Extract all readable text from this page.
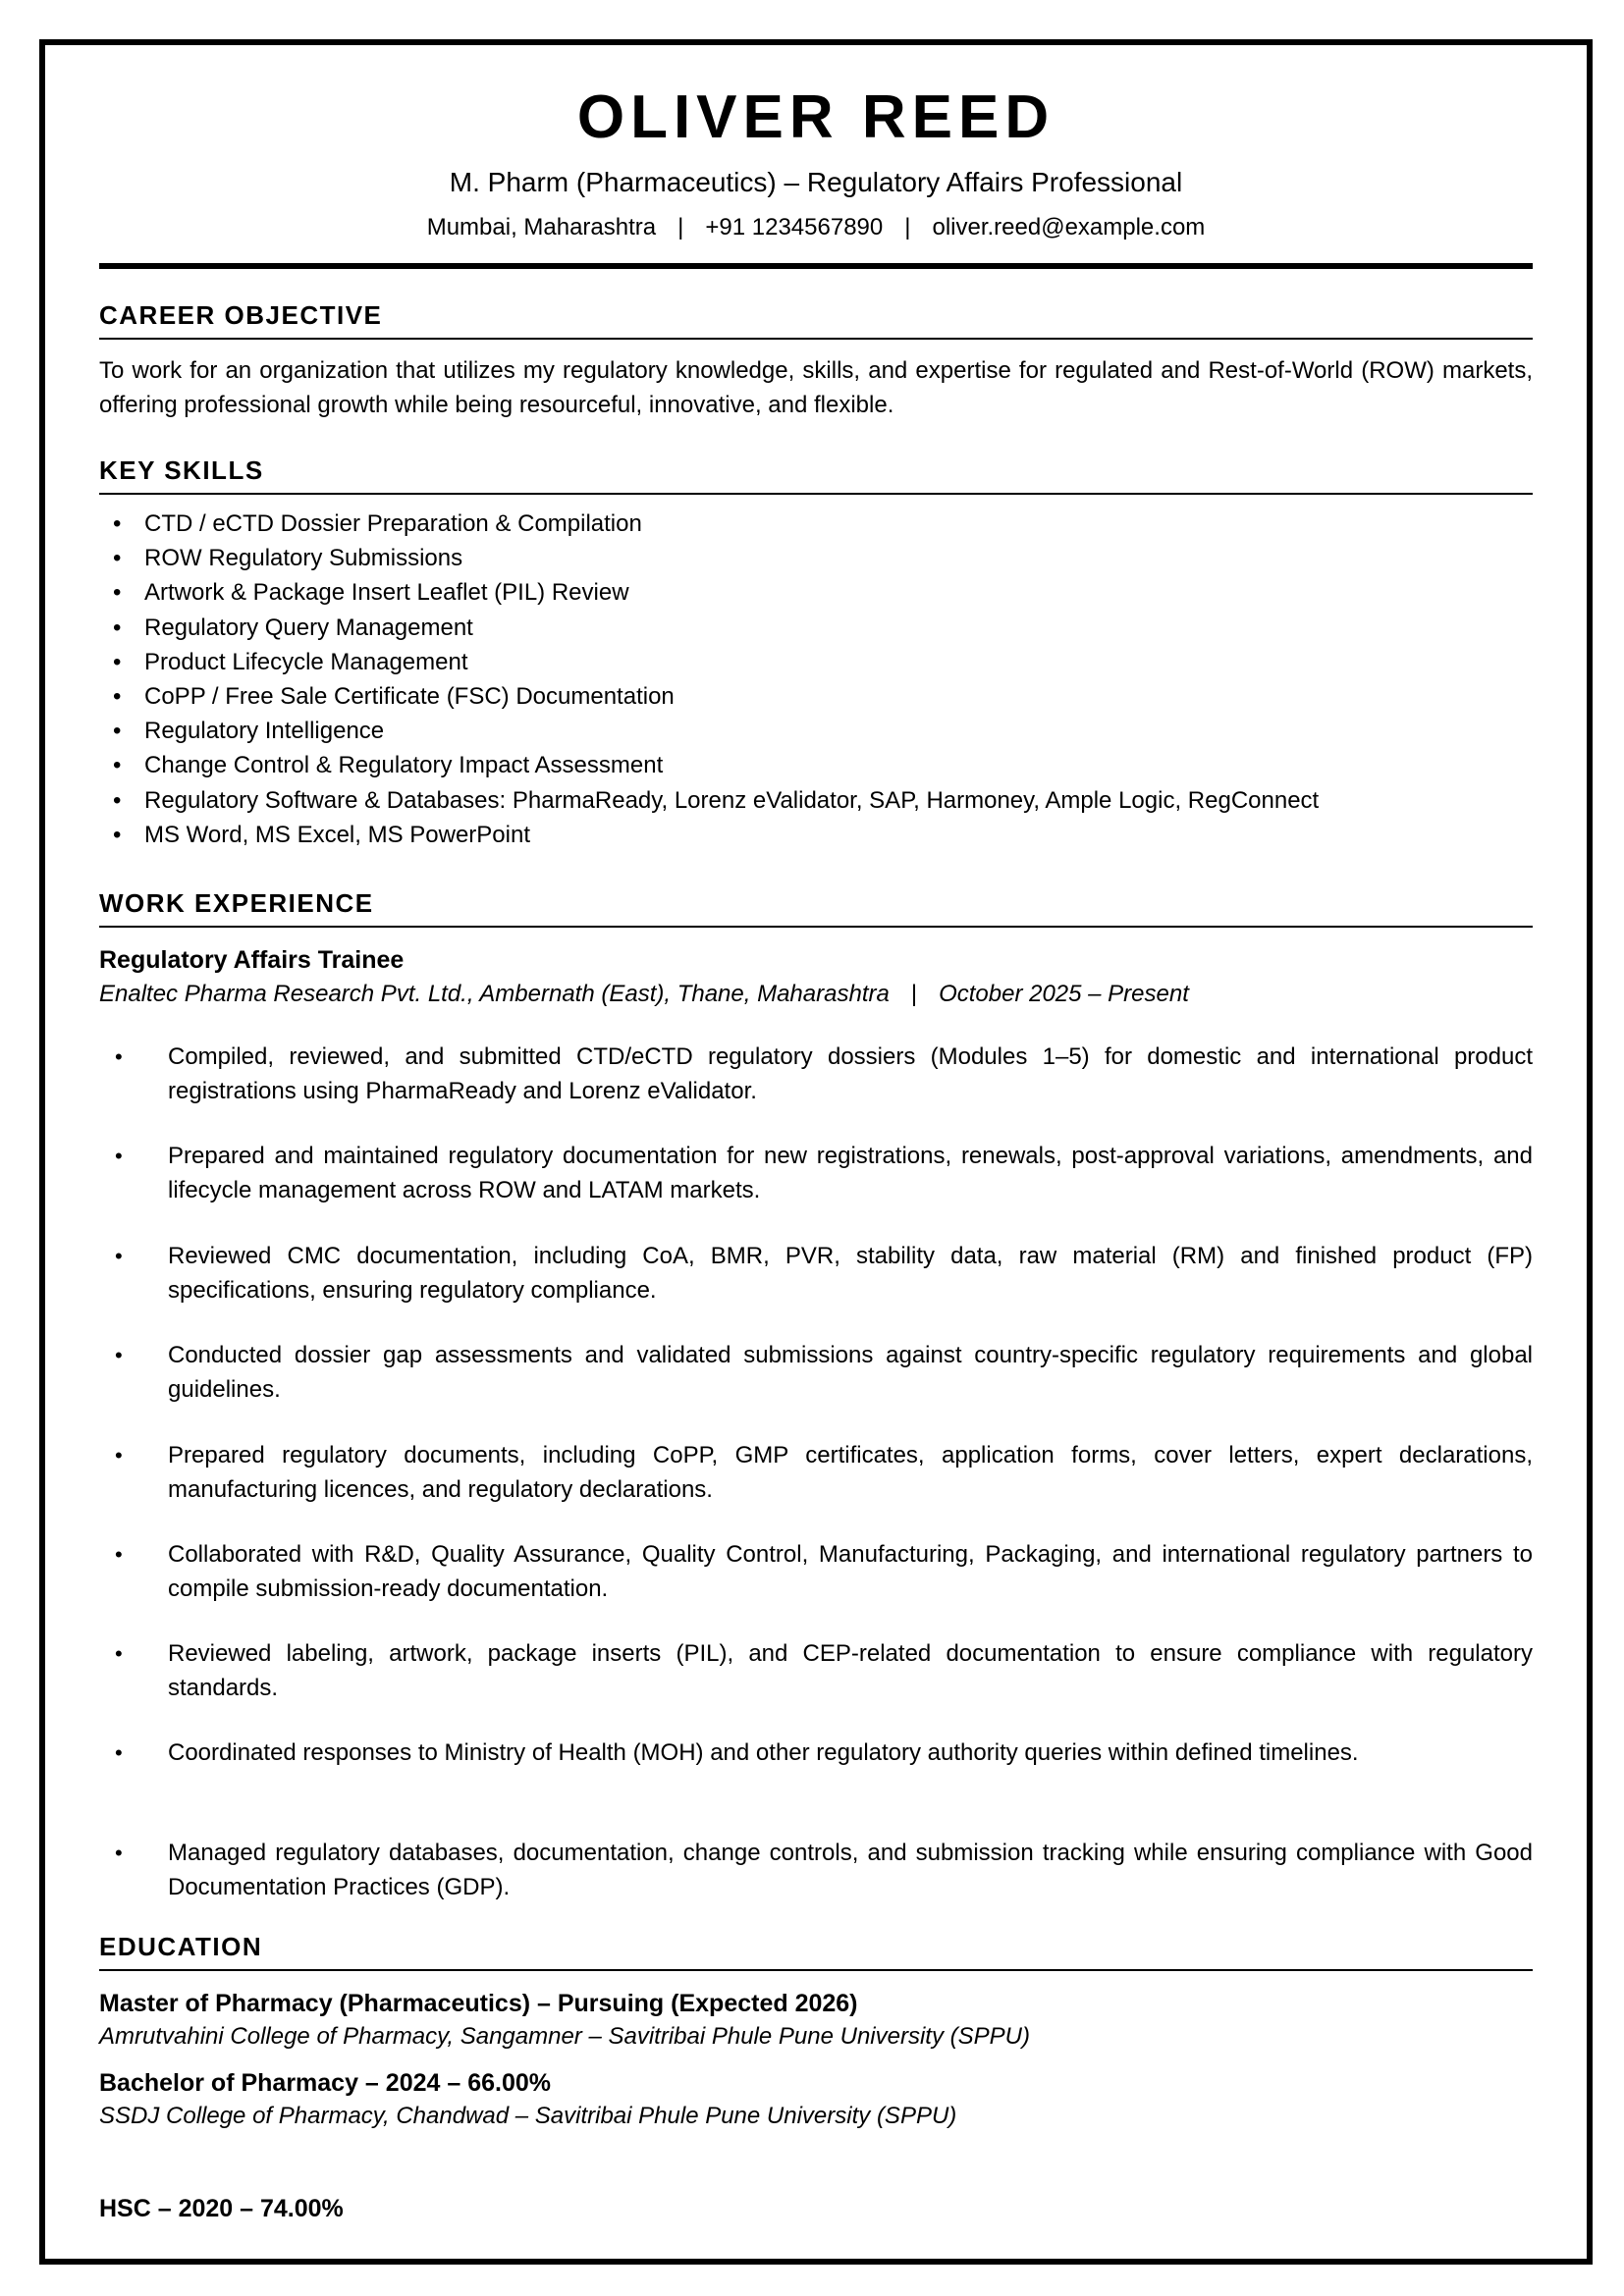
OLIVER REED
M. Pharm (Pharmaceutics) – Regulatory Affairs Professional
Mumbai, Maharashtra | +91 1234567890 | oliver.reed@example.com
CAREER OBJECTIVE
To work for an organization that utilizes my regulatory knowledge, skills, and expertise for regulated and Rest-of-World (ROW) markets, offering professional growth while being resourceful, innovative, and flexible.
KEY SKILLS
• CTD / eCTD Dossier Preparation & Compilation
• ROW Regulatory Submissions
• Artwork & Package Insert Leaflet (PIL) Review
• Regulatory Query Management
• Product Lifecycle Management
• CoPP / Free Sale Certificate (FSC) Documentation
• Regulatory Intelligence
• Change Control & Regulatory Impact Assessment
• Regulatory Software & Databases: PharmaReady, Lorenz eValidator, SAP, Harmoney, Ample Logic, RegConnect
• MS Word, MS Excel, MS PowerPoint
WORK EXPERIENCE
Regulatory Affairs Trainee
Enaltec Pharma Research Pvt. Ltd., Ambernath (East), Thane, Maharashtra | October 2025 – Present
• Compiled, reviewed, and submitted CTD/eCTD regulatory dossiers (Modules 1–5) for domestic and international product registrations using PharmaReady and Lorenz eValidator.
• Prepared and maintained regulatory documentation for new registrations, renewals, post-approval variations, amendments, and lifecycle management across ROW and LATAM markets.
• Reviewed CMC documentation, including CoA, BMR, PVR, stability data, raw material (RM) and finished product (FP) specifications, ensuring regulatory compliance.
• Conducted dossier gap assessments and validated submissions against country-specific regulatory requirements and global guidelines.
• Prepared regulatory documents, including CoPP, GMP certificates, application forms, cover letters, expert declarations, manufacturing licences, and regulatory declarations.
• Collaborated with R&D, Quality Assurance, Quality Control, Manufacturing, Packaging, and international regulatory partners to compile submission-ready documentation.
• Reviewed labeling, artwork, package inserts (PIL), and CEP-related documentation to ensure compliance with regulatory standards.
• Coordinated responses to Ministry of Health (MOH) and other regulatory authority queries within defined timelines.
• Managed regulatory databases, documentation, change controls, and submission tracking while ensuring compliance with Good Documentation Practices (GDP).
EDUCATION
Master of Pharmacy (Pharmaceutics) – Pursuing (Expected 2026)
Amrutvahini College of Pharmacy, Sangamner – Savitribai Phule Pune University (SPPU)
Bachelor of Pharmacy – 2024 – 66.00%
SSDJ College of Pharmacy, Chandwad – Savitribai Phule Pune University (SPPU)
HSC – 2020 – 74.00%
